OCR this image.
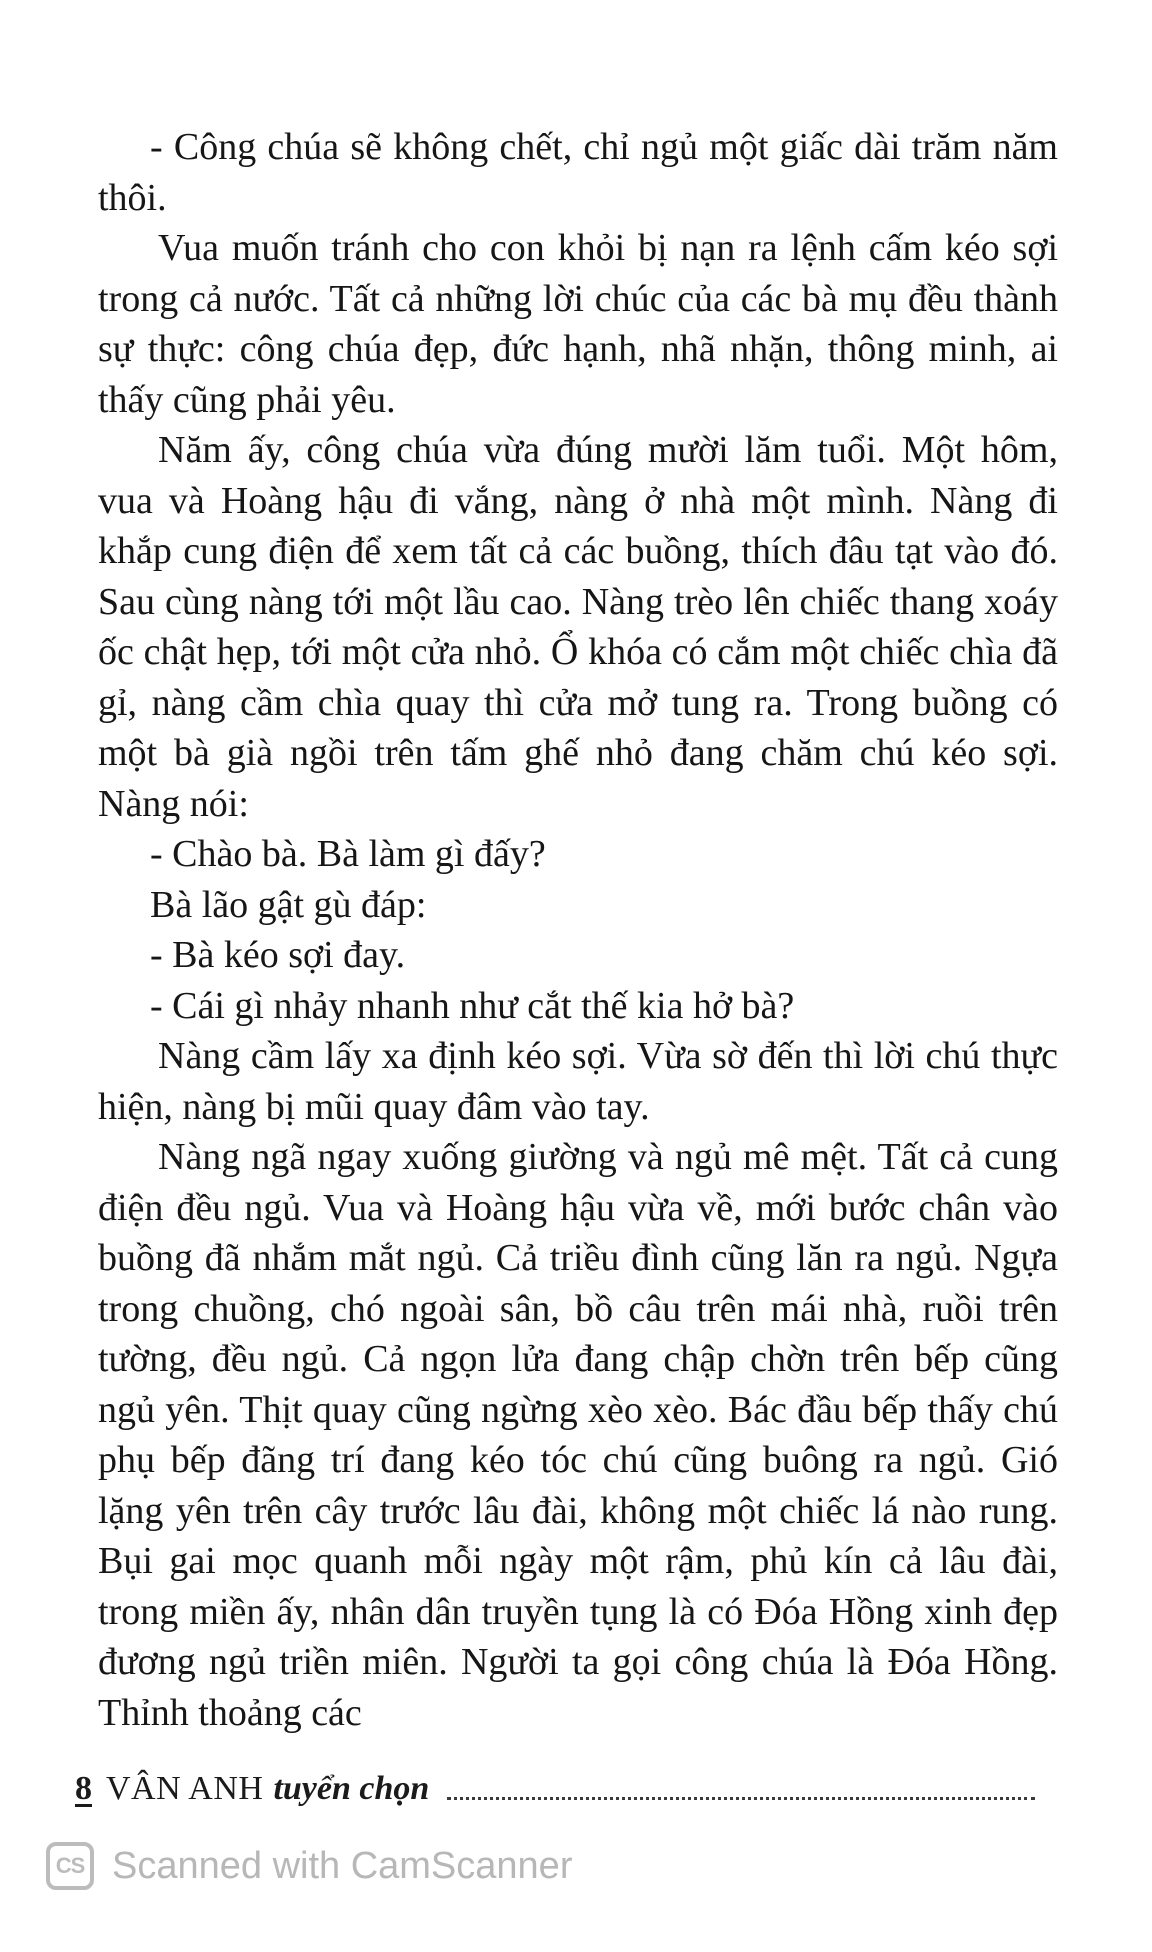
- Công chúa sẽ không chết, chỉ ngủ một giấc dài trăm năm thôi.

Vua muốn tránh cho con khỏi bị nạn ra lệnh cấm kéo sợi trong cả nước. Tất cả những lời chúc của các bà mụ đều thành sự thực: công chúa đẹp, đức hạnh, nhã nhặn, thông minh, ai thấy cũng phải yêu.

Năm ấy, công chúa vừa đúng mười lăm tuổi. Một hôm, vua và Hoàng hậu đi vắng, nàng ở nhà một mình. Nàng đi khắp cung điện để xem tất cả các buồng, thích đâu tạt vào đó. Sau cùng nàng tới một lầu cao. Nàng trèo lên chiếc thang xoáy ốc chật hẹp, tới một cửa nhỏ. Ổ khóa có cắm một chiếc chìa đã gỉ, nàng cầm chìa quay thì cửa mở tung ra. Trong buồng có một bà già ngồi trên tấm ghế nhỏ đang chăm chú kéo sợi. Nàng nói:

- Chào bà. Bà làm gì đấy?

Bà lão gật gù đáp:

- Bà kéo sợi đay.

- Cái gì nhảy nhanh như cắt thế kia hở bà?

Nàng cầm lấy xa định kéo sợi. Vừa sờ đến thì lời chú thực hiện, nàng bị mũi quay đâm vào tay.

Nàng ngã ngay xuống giường và ngủ mê mệt. Tất cả cung điện đều ngủ. Vua và Hoàng hậu vừa về, mới bước chân vào buồng đã nhắm mắt ngủ. Cả triều đình cũng lăn ra ngủ. Ngựa trong chuồng, chó ngoài sân, bồ câu trên mái nhà, ruồi trên tường, đều ngủ. Cả ngọn lửa đang chập chờn trên bếp cũng ngủ yên. Thịt quay cũng ngừng xèo xèo. Bác đầu bếp thấy chú phụ bếp đãng trí đang kéo tóc chú cũng buông ra ngủ. Gió lặng yên trên cây trước lâu đài, không một chiếc lá nào rung. Bụi gai mọc quanh mỗi ngày một rậm, phủ kín cả lâu đài, trong miền ấy, nhân dân truyền tụng là có Đóa Hồng xinh đẹp đương ngủ triền miên. Người ta gọi công chúa là Đóa Hồng. Thỉnh thoảng các

8 VÂN ANH tuyển chọn
CS Scanned with CamScanner
